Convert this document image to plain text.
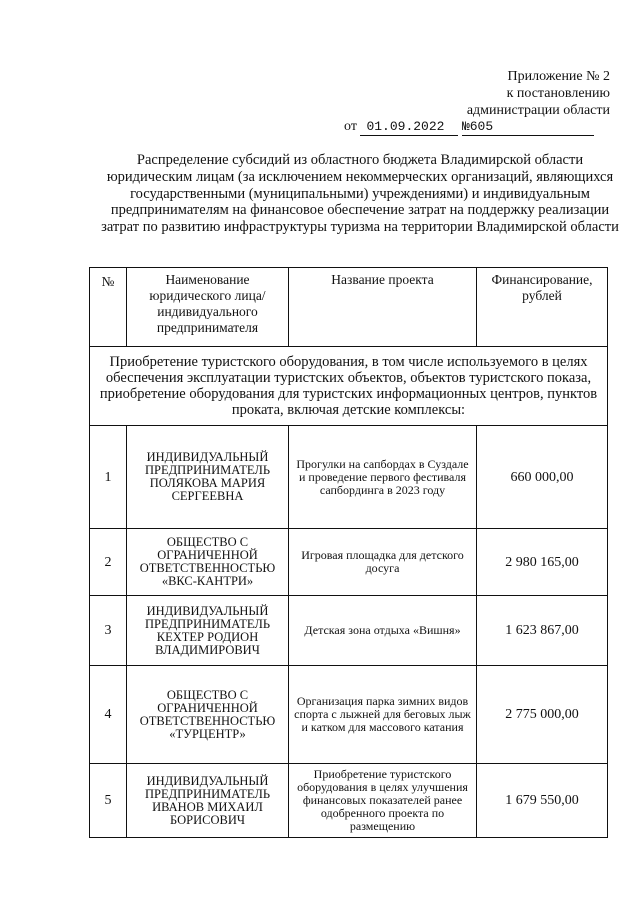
Приложение № 2
к постановлению
администрации области
от 01.09.2022 №605
Распределение субсидий из областного бюджета Владимирской области юридическим лицам (за исключением некоммерческих организаций, являющихся государственными (муниципальными) учреждениями) и индивидуальным предпринимателям на финансовое обеспечение затрат на поддержку реализации затрат по развитию инфраструктуры туризма на территории Владимирской области
№	Наименование юридического лица/индивидуального предпринимателя	Название проекта	Финансирование, рублей
Приобретение туристского оборудования, в том числе используемого в целях обеспечения эксплуатации туристских объектов, объектов туристского показа, приобретение оборудования для туристских информационных центров, пунктов проката, включая детские комплексы:			
1	ИНДИВИДУАЛЬНЫЙ ПРЕДПРИНИМАТЕЛЬ ПОЛЯКОВА МАРИЯ СЕРГЕЕВНА	Прогулки на сапбордах в Суздале и проведение первого фестиваля сапбординга в 2023 году	660 000,00
2	ОБЩЕСТВО С ОГРАНИЧЕННОЙ ОТВЕТСТВЕННОСТЬЮ «ВКС-КАНТРИ»	Игровая площадка для детского досуга	2 980 165,00
3	ИНДИВИДУАЛЬНЫЙ ПРЕДПРИНИМАТЕЛЬ КЕХТЕР РОДИОН ВЛАДИМИРОВИЧ	Детская зона отдыха «Вишня»	1 623 867,00
4	ОБЩЕСТВО С ОГРАНИЧЕННОЙ ОТВЕТСТВЕННОСТЬЮ «ТУРЦЕНТР»	Организация парка зимних видов спорта с лыжней для беговых лыж и катком для массового катания	2 775 000,00
5	ИНДИВИДУАЛЬНЫЙ ПРЕДПРИНИМАТЕЛЬ ИВАНОВ МИХАИЛ БОРИСОВИЧ	Приобретение туристского оборудования в целях улучшения финансовых показателей ранее одобренного проекта по размещению	1 679 550,00
